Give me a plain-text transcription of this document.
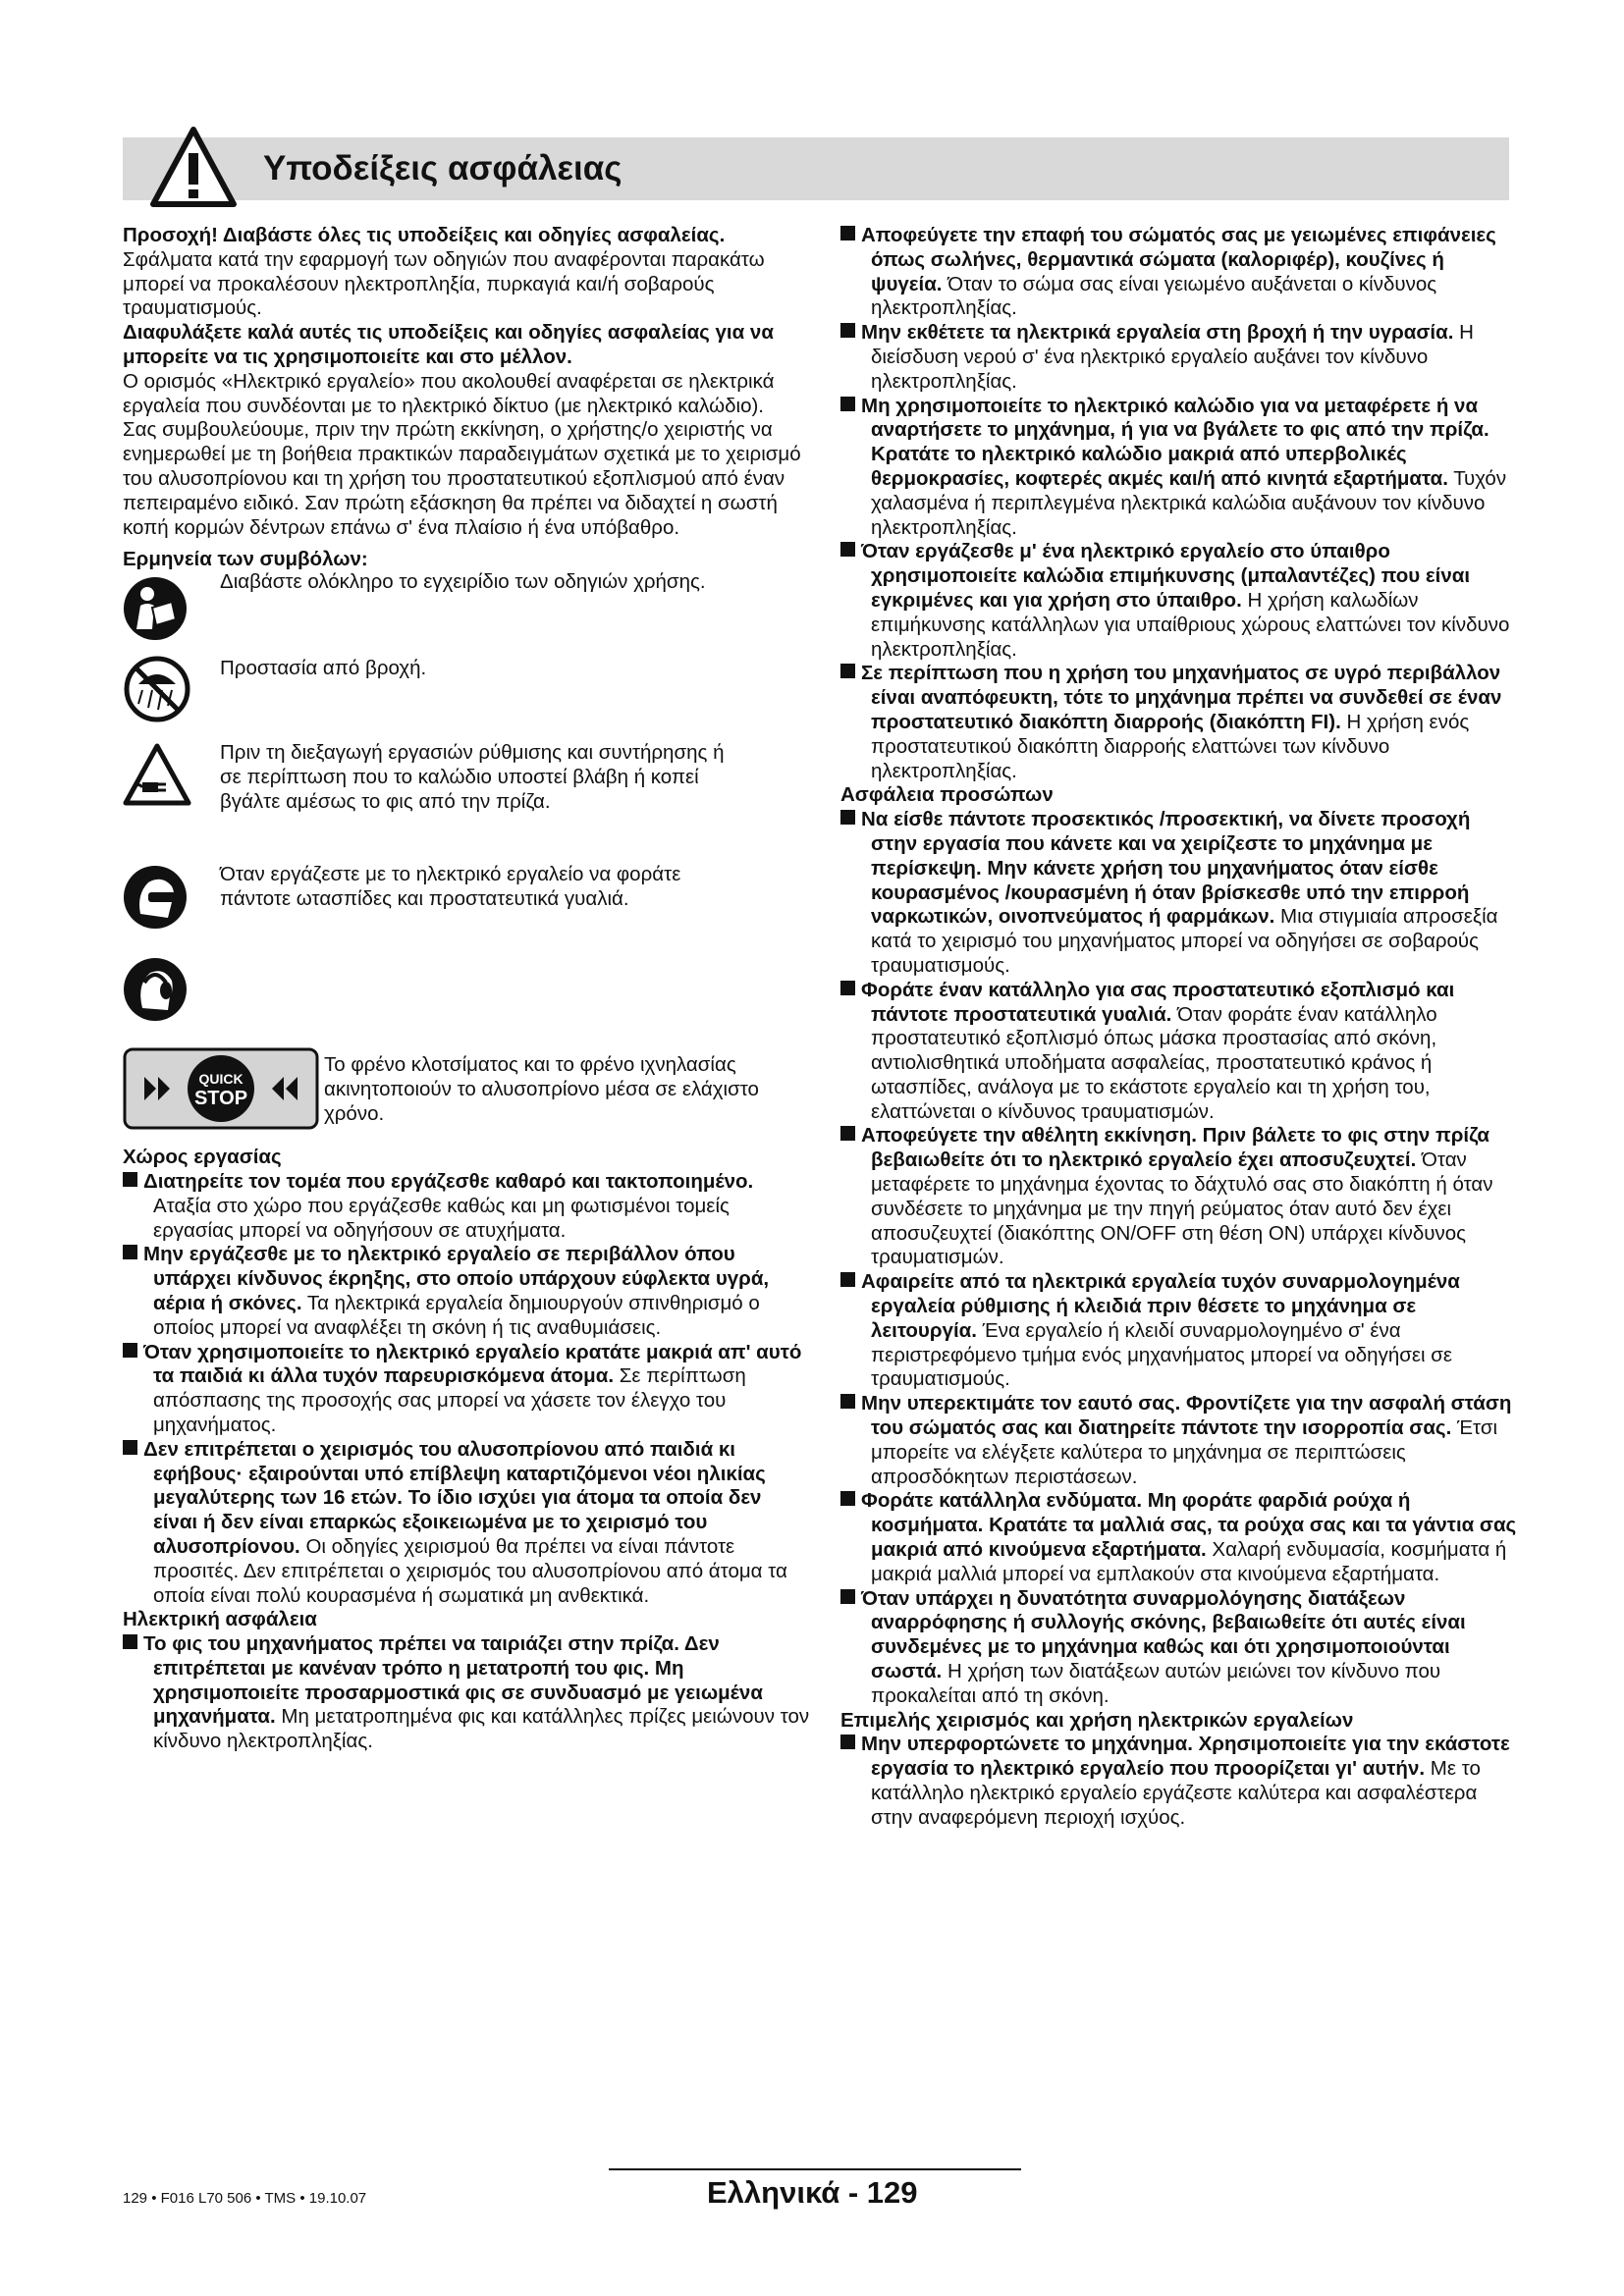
Υποδείξεις ασφάλειας

Προσοχή! Διαβάστε όλες τις υποδείξεις και οδηγίες ασφαλείας. Σφάλματα κατά την εφαρμογή των οδηγιών που αναφέρονται παρακάτω μπορεί να προκαλέσουν ηλεκτροπληξία, πυρκαγιά και/ή σοβαρούς τραυματισμούς.

Διαφυλάξετε καλά αυτές τις υποδείξεις και οδηγίες ασφαλείας για να μπορείτε να τις χρησιμοποιείτε και στο μέλλον.

Ο ορισμός «Ηλεκτρικό εργαλείο» που ακολουθεί αναφέρεται σε ηλεκτρικά εργαλεία που συνδέονται με το ηλεκτρικό δίκτυο (με ηλεκτρικό καλώδιο).

Σας συμβουλεύουμε, πριν την πρώτη εκκίνηση, ο χρήστης/ο χειριστής να ενημερωθεί με τη βοήθεια πρακτικών παραδειγμάτων σχετικά με το χειρισμό του αλυσοπρίονου και τη χρήση του προστατευτικού εξοπλισμού από έναν πεπειραμένο ειδικό. Σαν πρώτη εξάσκηση θα πρέπει να διδαχτεί η σωστή κοπή κορμών δέντρων επάνω σ' ένα πλαίσιο ή ένα υπόβαθρο.

Ερμηνεία των συμβόλων:

Διαβάστε ολόκληρο το εγχειρίδιο των οδηγιών χρήσης.
Προστασία από βροχή.
Πριν τη διεξαγωγή εργασιών ρύθμισης και συντήρησης ή σε περίπτωση που το καλώδιο υποστεί βλάβη ή κοπεί βγάλτε αμέσως το φις από την πρίζα.
Όταν εργάζεστε με το ηλεκτρικό εργαλείο να φοράτε πάντοτε ωτασπίδες και προστατευτικά γυαλιά.
QUICK
STOP
Το φρένο κλοτσίματος και το φρένο ιχνηλασίας ακινητοποιούν το αλυσοπρίονο μέσα σε ελάχιστο χρόνο.

Χώρος εργασίας

Διατηρείτε τον τομέα που εργάζεσθε καθαρό και τακτοποιημένο. Αταξία στο χώρο που εργάζεσθε καθώς και μη φωτισμένοι τομείς εργασίας μπορεί να οδηγήσουν σε ατυχήματα.

Μην εργάζεσθε με το ηλεκτρικό εργαλείο σε περιβάλλον όπου υπάρχει κίνδυνος έκρηξης, στο οποίο υπάρχουν εύφλεκτα υγρά, αέρια ή σκόνες. Τα ηλεκτρικά εργαλεία δημιουργούν σπινθηρισμό ο οποίος μπορεί να αναφλέξει τη σκόνη ή τις αναθυμιάσεις.

Όταν χρησιμοποιείτε το ηλεκτρικό εργαλείο κρατάτε μακριά απ' αυτό τα παιδιά κι άλλα τυχόν παρευρισκόμενα άτομα. Σε περίπτωση απόσπασης της προσοχής σας μπορεί να χάσετε τον έλεγχο του μηχανήματος.

Δεν επιτρέπεται ο χειρισμός του αλυσοπρίονου από παιδιά κι εφήβους· εξαιρούνται υπό επίβλεψη καταρτιζόμενοι νέοι ηλικίας μεγαλύτερης των 16 ετών. Το ίδιο ισχύει για άτομα τα οποία δεν είναι ή δεν είναι επαρκώς εξοικειωμένα με το χειρισμό του αλυσοπρίονου. Οι οδηγίες χειρισμού θα πρέπει να είναι πάντοτε προσιτές. Δεν επιτρέπεται ο χειρισμός του αλυσοπρίονου από άτομα τα οποία είναι πολύ κουρασμένα ή σωματικά μη ανθεκτικά.

Ηλεκτρική ασφάλεια

Το φις του μηχανήματος πρέπει να ταιριάζει στην πρίζα. Δεν επιτρέπεται με κανέναν τρόπο η μετατροπή του φις. Μη χρησιμοποιείτε προσαρμοστικά φις σε συνδυασμό με γειωμένα μηχανήματα. Μη μετατροπημένα φις και κατάλληλες πρίζες μειώνουν τον κίνδυνο ηλεκτροπληξίας.

Αποφεύγετε την επαφή του σώματός σας με γειωμένες επιφάνειες όπως σωλήνες, θερμαντικά σώματα (καλοριφέρ), κουζίνες ή ψυγεία. Όταν το σώμα σας είναι γειωμένο αυξάνεται ο κίνδυνος ηλεκτροπληξίας.

Μην εκθέτετε τα ηλεκτρικά εργαλεία στη βροχή ή την υγρασία. Η διείσδυση νερού σ' ένα ηλεκτρικό εργαλείο αυξάνει τον κίνδυνο ηλεκτροπληξίας.

Μη χρησιμοποιείτε το ηλεκτρικό καλώδιο για να μεταφέρετε ή να αναρτήσετε το μηχάνημα, ή για να βγάλετε το φις από την πρίζα. Κρατάτε το ηλεκτρικό καλώδιο μακριά από υπερβολικές θερμοκρασίες, κοφτερές ακμές και/ή από κινητά εξαρτήματα. Τυχόν χαλασμένα ή περιπλεγμένα ηλεκτρικά καλώδια αυξάνουν τον κίνδυνο ηλεκτροπληξίας.

Όταν εργάζεσθε μ' ένα ηλεκτρικό εργαλείο στο ύπαιθρο χρησιμοποιείτε καλώδια επιμήκυνσης (μπαλαντέζες) που είναι εγκριμένες και για χρήση στο ύπαιθρο. Η χρήση καλωδίων επιμήκυνσης κατάλληλων για υπαίθριους χώρους ελαττώνει τον κίνδυνο ηλεκτροπληξίας.

Σε περίπτωση που η χρήση του μηχανήματος σε υγρό περιβάλλον είναι αναπόφευκτη, τότε το μηχάνημα πρέπει να συνδεθεί σε έναν προστατευτικό διακόπτη διαρροής (διακόπτη FI). Η χρήση ενός προστατευτικού διακόπτη διαρροής ελαττώνει των κίνδυνο ηλεκτροπληξίας.

Ασφάλεια προσώπων

Να είσθε πάντοτε προσεκτικός /προσεκτική, να δίνετε προσοχή στην εργασία που κάνετε και να χειρίζεστε το μηχάνημα με περίσκεψη. Μην κάνετε χρήση του μηχανήματος όταν είσθε κουρασμένος /κουρασμένη ή όταν βρίσκεσθε υπό την επιρροή ναρκωτικών, οινοπνεύματος ή φαρμάκων. Μια στιγμιαία απροσεξία κατά το χειρισμό του μηχανήματος μπορεί να οδηγήσει σε σοβαρούς τραυματισμούς.

Φοράτε έναν κατάλληλο για σας προστατευτικό εξοπλισμό και πάντοτε προστατευτικά γυαλιά. Όταν φοράτε έναν κατάλληλο προστατευτικό εξοπλισμό όπως μάσκα προστασίας από σκόνη, αντιολισθητικά υποδήματα ασφαλείας, προστατευτικό κράνος ή ωτασπίδες, ανάλογα με το εκάστοτε εργαλείο και τη χρήση του, ελαττώνεται ο κίνδυνος τραυματισμών.

Αποφεύγετε την αθέλητη εκκίνηση. Πριν βάλετε το φις στην πρίζα βεβαιωθείτε ότι το ηλεκτρικό εργαλείο έχει αποσυζευχτεί. Όταν μεταφέρετε το μηχάνημα έχοντας το δάχτυλό σας στο διακόπτη ή όταν συνδέσετε το μηχάνημα με την πηγή ρεύματος όταν αυτό δεν έχει αποσυζευχτεί (διακόπτης ON/OFF στη θέση ON) υπάρχει κίνδυνος τραυματισμών.

Αφαιρείτε από τα ηλεκτρικά εργαλεία τυχόν συναρμολογημένα εργαλεία ρύθμισης ή κλειδιά πριν θέσετε το μηχάνημα σε λειτουργία. Ένα εργαλείο ή κλειδί συναρμολογημένο σ' ένα περιστρεφόμενο τμήμα ενός μηχανήματος μπορεί να οδηγήσει σε τραυματισμούς.

Μην υπερεκτιμάτε τον εαυτό σας. Φροντίζετε για την ασφαλή στάση του σώματός σας και διατηρείτε πάντοτε την ισορροπία σας. Έτσι μπορείτε να ελέγξετε καλύτερα το μηχάνημα σε περιπτώσεις απροσδόκητων περιστάσεων.

Φοράτε κατάλληλα ενδύματα. Μη φοράτε φαρδιά ρούχα ή κοσμήματα. Κρατάτε τα μαλλιά σας, τα ρούχα σας και τα γάντια σας μακριά από κινούμενα εξαρτήματα. Χαλαρή ενδυμασία, κοσμήματα ή μακριά μαλλιά μπορεί να εμπλακούν στα κινούμενα εξαρτήματα.

Όταν υπάρχει η δυνατότητα συναρμολόγησης διατάξεων αναρρόφησης ή συλλογής σκόνης, βεβαιωθείτε ότι αυτές είναι συνδεμένες με το μηχάνημα καθώς και ότι χρησιμοποιούνται σωστά. Η χρήση των διατάξεων αυτών μειώνει τον κίνδυνο που προκαλείται από τη σκόνη.

Επιμελής χειρισμός και χρήση ηλεκτρικών εργαλείων

Μην υπερφορτώνετε το μηχάνημα. Χρησιμοποιείτε για την εκάστοτε εργασία το ηλεκτρικό εργαλείο που προορίζεται γι' αυτήν. Με το κατάλληλο ηλεκτρικό εργαλείο εργάζεστε καλύτερα και ασφαλέστερα στην αναφερόμενη περιοχή ισχύος.

129 • F016 L70 506 • TMS • 19.10.07	Ελληνικά - 129
